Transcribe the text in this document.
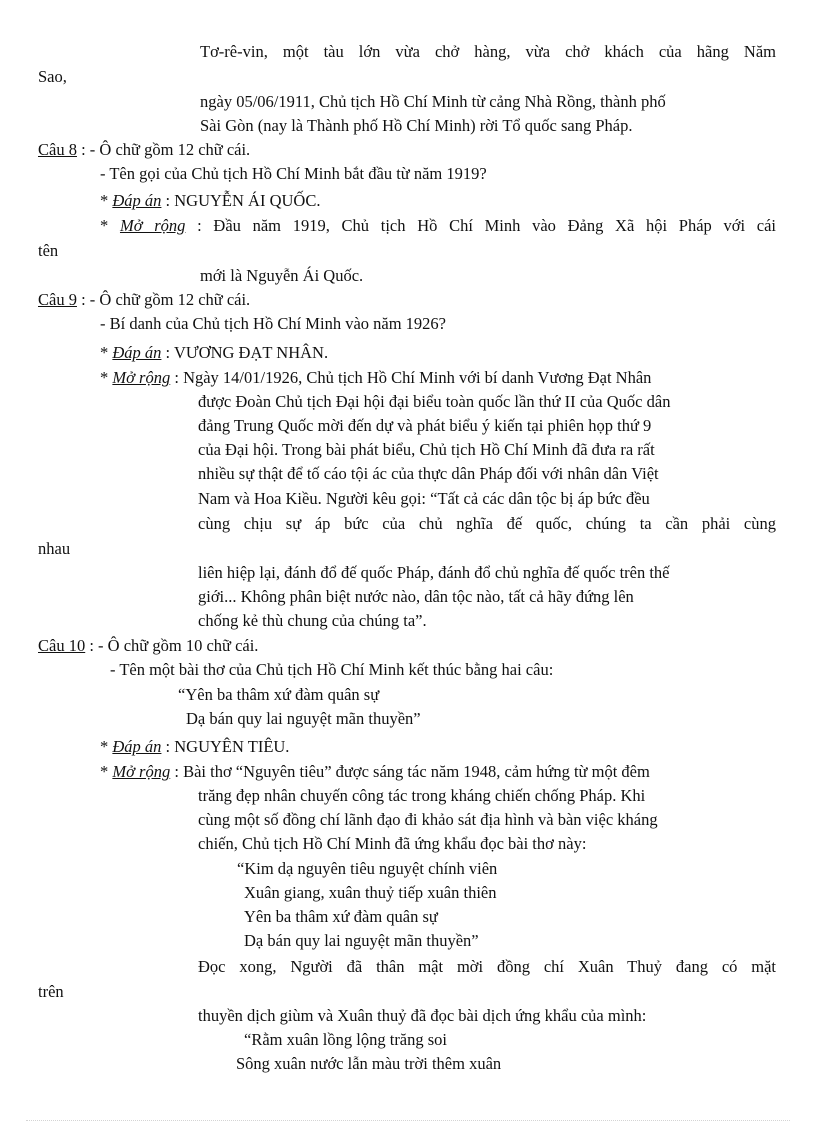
Tơ-rê-vin, một tàu lớn vừa chở hàng, vừa chở khách của hãng Năm
Sao,
ngày 05/06/1911, Chủ tịch Hồ Chí Minh từ cảng Nhà Rồng, thành phố
Sài Gòn (nay là Thành phố Hồ Chí Minh) rời Tổ quốc sang Pháp.
Câu 8 : - Ô chữ gồm 12 chữ cái.
- Tên gọi của Chủ tịch Hồ Chí Minh bắt đầu từ năm 1919?
* Đáp án : NGUYỄN ÁI QUỐC.
* Mở rộng : Đầu năm 1919, Chủ tịch Hồ Chí Minh vào Đảng Xã hội Pháp với cái
tên
mới là Nguyễn Ái Quốc.
Câu 9 : - Ô chữ gồm 12 chữ cái.
- Bí danh của Chủ tịch Hồ Chí Minh vào năm 1926?
* Đáp án : VƯƠNG ĐẠT NHÂN.
* Mở rộng : Ngày 14/01/1926, Chủ tịch Hồ Chí Minh với bí danh Vương Đạt Nhân
được Đoàn Chủ tịch Đại hội đại biểu toàn quốc lần thứ II của Quốc dân
đảng Trung Quốc mời đến dự và phát biểu ý kiến tại phiên họp thứ 9
của Đại hội. Trong bài phát biểu, Chủ tịch Hồ Chí Minh đã đưa ra rất
nhiều sự thật để tố cáo tội ác của thực dân Pháp đối với nhân dân Việt
Nam và Hoa Kiều. Người kêu gọi: “Tất cả các dân tộc bị áp bức đều
cùng chịu sự áp bức của chủ nghĩa đế quốc, chúng ta cần phải cùng
nhau
liên hiệp lại, đánh đổ đế quốc Pháp, đánh đổ chủ nghĩa đế quốc trên thế
giới... Không phân biệt nước nào, dân tộc nào, tất cả hãy đứng lên
chống kẻ thù chung của chúng ta”.
Câu 10 : - Ô chữ gồm 10 chữ cái.
- Tên một bài thơ của Chủ tịch Hồ Chí Minh kết thúc bằng hai câu:
“Yên ba thâm xứ đàm quân sự
Dạ bán quy lai nguyệt mãn thuyền”
* Đáp án : NGUYÊN TIÊU.
* Mở rộng : Bài thơ “Nguyên tiêu” được sáng tác năm 1948, cảm hứng từ một đêm
trăng đẹp nhân chuyến công tác trong kháng chiến chống Pháp. Khi
cùng một số đồng chí lãnh đạo đi khảo sát địa hình và bàn việc kháng
chiến, Chủ tịch Hồ Chí Minh đã ứng khẩu đọc bài thơ này:
“Kim dạ nguyên tiêu nguyệt chính viên
Xuân giang, xuân thuỷ tiếp xuân thiên
Yên ba thâm xứ đàm quân sự
Dạ bán quy lai nguyệt mãn thuyền”
Đọc xong, Người đã thân mật mời đồng chí Xuân Thuỷ đang có mặt
trên
thuyền dịch giùm và Xuân thuỷ đã đọc bài dịch ứng khẩu của mình:
“Rằm xuân lồng lộng trăng soi
Sông xuân nước lẫn màu trời thêm xuân
